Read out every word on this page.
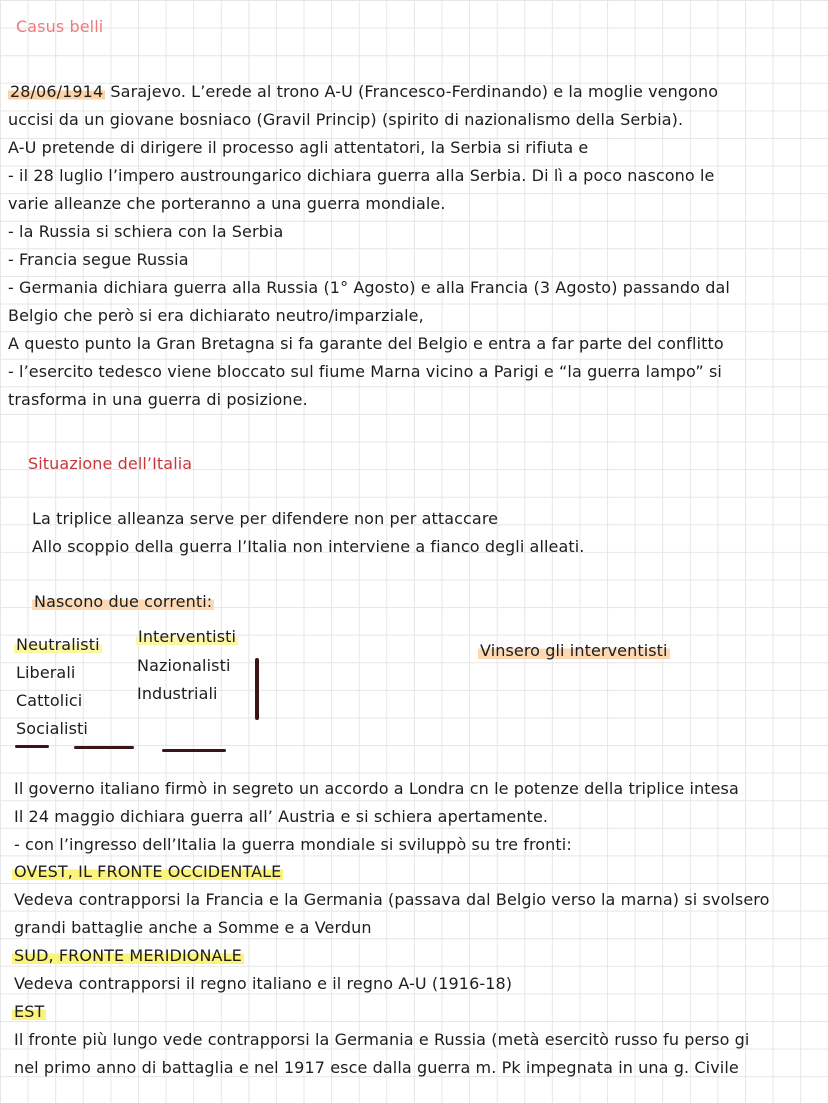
Casus belli
28/06/1914 Sarajevo. L’erede al trono A-U (Francesco-Ferdinando) e la moglie vengono
uccisi da un giovane bosniaco (Gravil Princip) (spirito di nazionalismo della Serbia).
A-U pretende di dirigere il processo agli attentatori, la Serbia si rifiuta e
- il 28 luglio l’impero austroungarico dichiara guerra alla Serbia. Di lì a poco nascono le
varie alleanze che porteranno a una guerra mondiale.
- la Russia si schiera con la Serbia
- Francia segue Russia
- Germania dichiara guerra alla Russia (1° Agosto) e alla Francia (3 Agosto) passando dal
Belgio che però si era dichiarato neutro/imparziale,
A questo punto la Gran Bretagna si fa garante del Belgio e entra a far parte del conflitto
- l’esercito tedesco viene bloccato sul fiume Marna vicino a Parigi e “la guerra lampo” si
trasforma in una guerra di posizione.
Situazione dell’Italia
La triplice alleanza serve per difendere non per attaccare
Allo scoppio della guerra l’Italia non interviene a fianco degli alleati.
Nascono due correnti:
Neutralisti
Liberali
Cattolici
Socialisti
Interventisti
Nazionalisti
Industriali
Vinsero gli interventisti
Il governo italiano firmò in segreto un accordo a Londra cn le potenze della triplice intesa
Il 24 maggio dichiara guerra all’ Austria e si schiera apertamente.
- con l’ingresso dell’Italia la guerra mondiale si sviluppò su tre fronti:
OVEST, IL FRONTE OCCIDENTALE
Vedeva contrapporsi la Francia e la Germania (passava dal Belgio verso la marna) si svolsero
grandi battaglie anche a Somme e a Verdun
SUD, FRONTE MERIDIONALE
Vedeva contrapporsi il regno italiano e il regno A-U (1916-18)
EST
Il fronte più lungo vede contrapporsi la Germania e Russia (metà esercitò russo fu perso gi
nel primo anno di battaglia e nel 1917 esce dalla guerra m. Pk impegnata in una g. Civile
